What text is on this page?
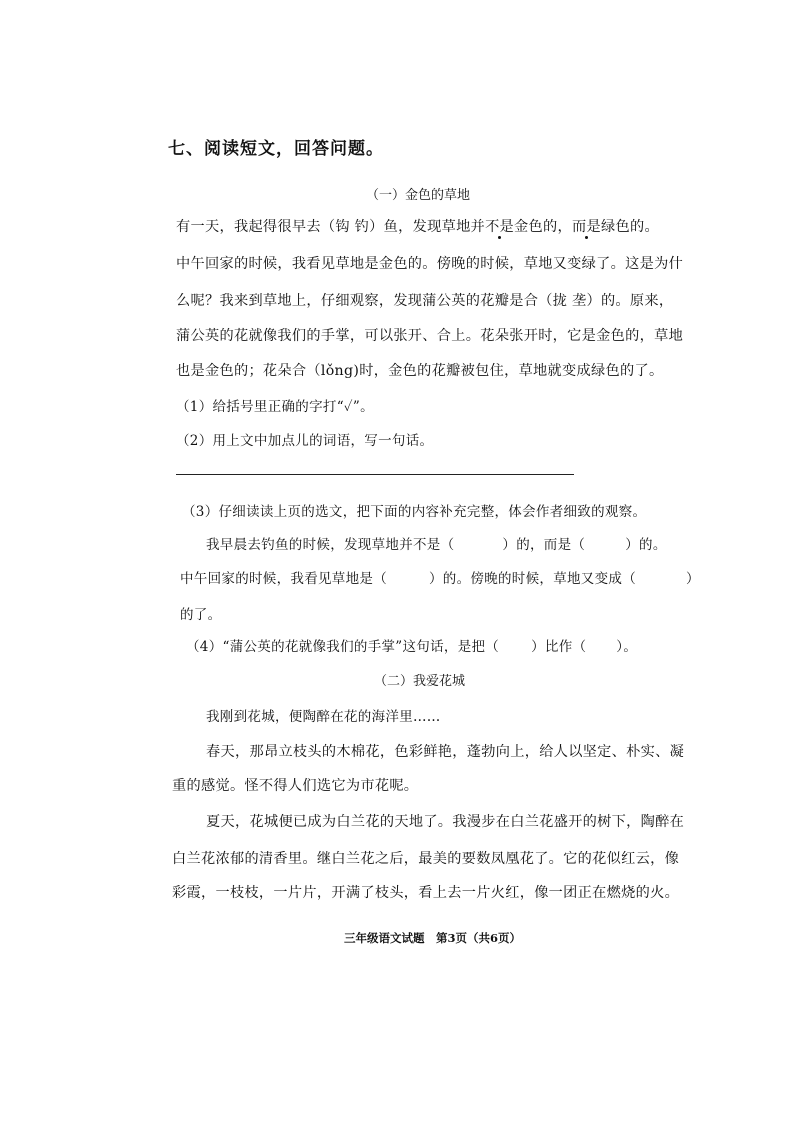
七、阅读短文，回答问题。
（一）金色的草地
有一天，我起得很早去（钩 钓）鱼，发现草地并不是金色的，而是绿色的。
中午回家的时候，我看见草地是金色的。傍晚的时候，草地又变绿了。这是为什
么呢？我来到草地上，仔细观察，发现蒲公英的花瓣是合（拢 垄）的。原来，
蒲公英的花就像我们的手掌，可以张开、合上。花朵张开时，它是金色的，草地
也是金色的；花朵合（lǒng)时，金色的花瓣被包住，草地就变成绿色的了。
（1）给括号里正确的字打“✓”。
（2）用上文中加点儿的词语，写一句话。
（3）仔细读读上页的选文，把下面的内容补充完整，体会作者细致的观察。
我早晨去钓鱼的时候，发现草地并不是（	）的，而是（	）的。
中午回家的时候，我看见草地是（	）的。傍晚的时候，草地又变成（	）
的了。
（4）“蒲公英的花就像我们的手掌”这句话，是把（ ）比作（ ）。
（二）我爱花城
我刚到花城，便陶醉在花的海洋里……
春天，那昂立枝头的木棉花，色彩鲜艳，蓬勃向上，给人以坚定、朴实、凝
重的感觉。怪不得人们选它为市花呢。
夏天，花城便已成为白兰花的天地了。我漫步在白兰花盛开的树下，陶醉在
白兰花浓郁的清香里。继白兰花之后，最美的要数凤凰花了。它的花似红云，像
彩霞，一枝枝，一片片，开满了枝头，看上去一片火红，像一团正在燃烧的火。
三年级语文试题　第3页（共6页）
